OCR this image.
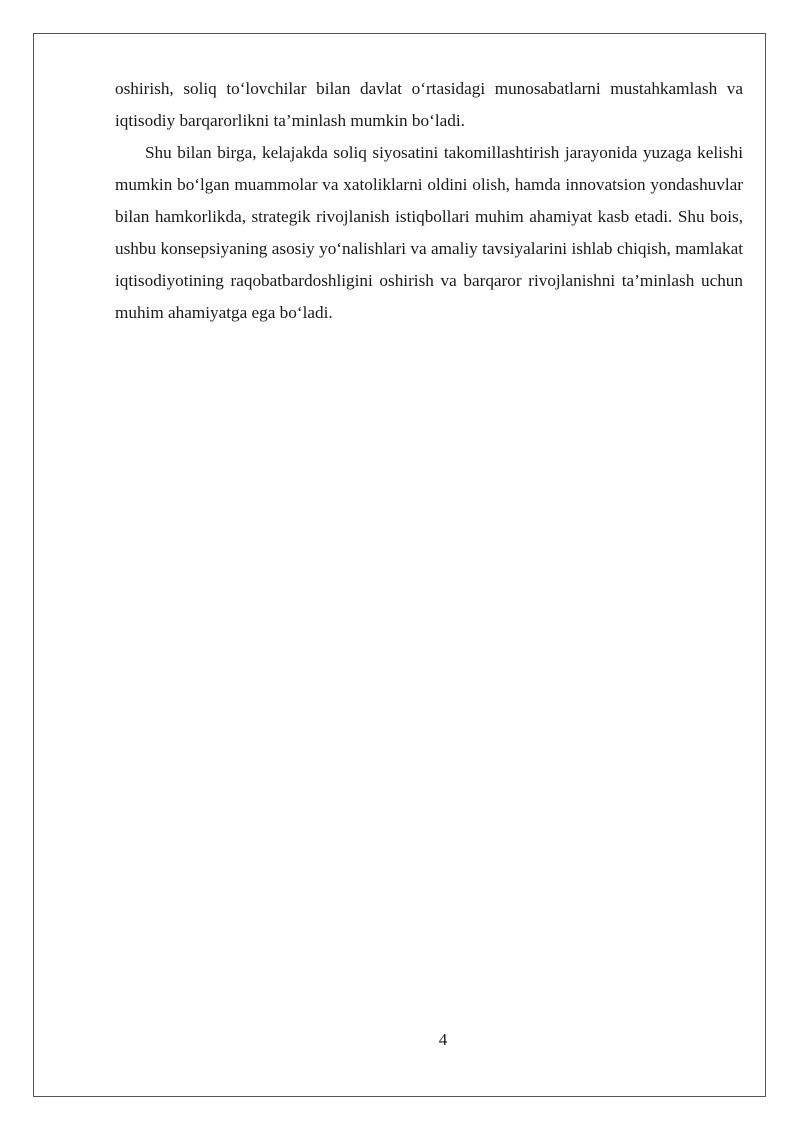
oshirish, soliq to‘lovchilar bilan davlat o‘rtasidagi munosabatlarni mustahkamlash va iqtisodiy barqarorlikni ta’minlash mumkin bo‘ladi.

Shu bilan birga, kelajakda soliq siyosatini takomillashtirish jarayonida yuzaga kelishi mumkin bo‘lgan muammolar va xatoliklarni oldini olish, hamda innovatsion yondashuvlar bilan hamkorlikda, strategik rivojlanish istiqbollari muhim ahamiyat kasb etadi. Shu bois, ushbu konsepsiyaning asosiy yo‘nalishlari va amaliy tavsiyalarini ishlab chiqish, mamlakat iqtisodiyotining raqobatbardoshligini oshirish va barqaror rivojlanishni ta’minlash uchun muhim ahamiyatga ega bo‘ladi.

4
